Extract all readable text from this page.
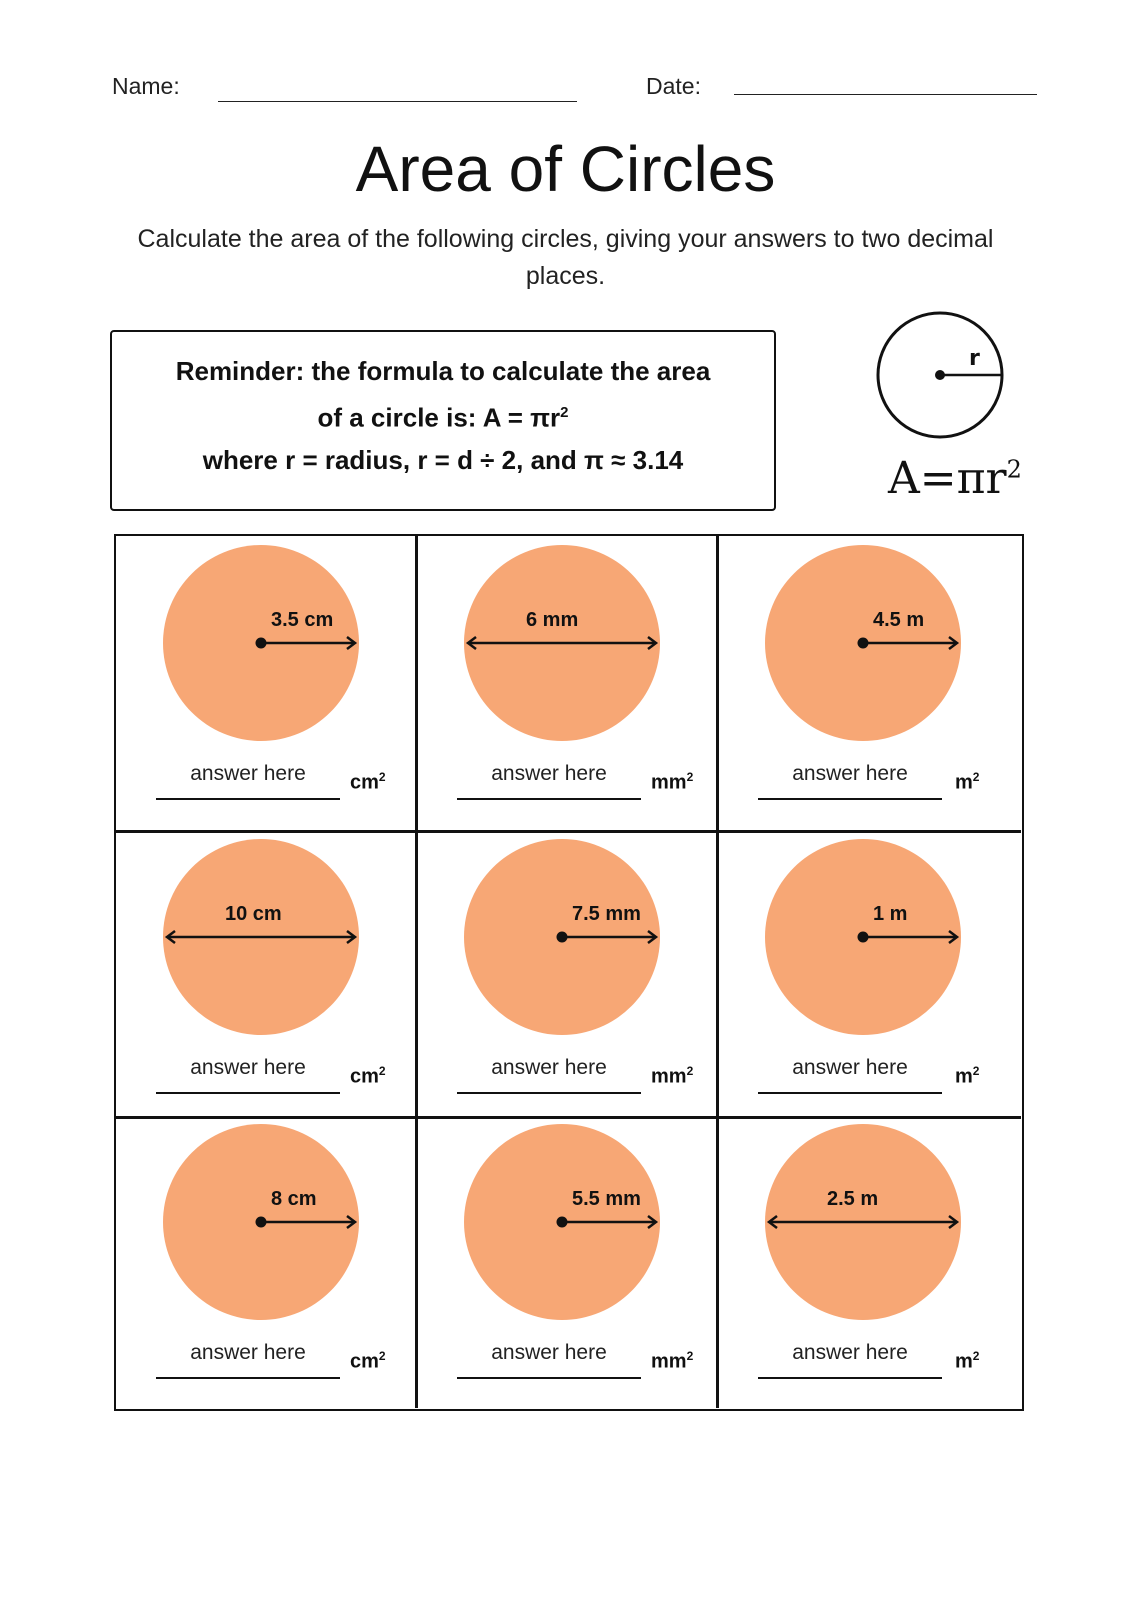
Name:	Date:
Area of Circles
Calculate the area of the following circles, giving your answers to two decimal places.
Reminder: the formula to calculate the area
of a circle is: $A = \pi r^2$
where r = radius, r = d ÷ 2, and π ≈ 3.14
r
$A=\pi r^2$
3.5 cm
answer here	$cm^2$
6 mm
answer here	$mm^2$
4.5 m
answer here	$m^2$
10 cm
answer here	$cm^2$
7.5 mm
answer here	$mm^2$
1 m
answer here	$m^2$
8 cm
answer here	$cm^2$
5.5 mm
answer here	$mm^2$
2.5 m
answer here	$m^2$
